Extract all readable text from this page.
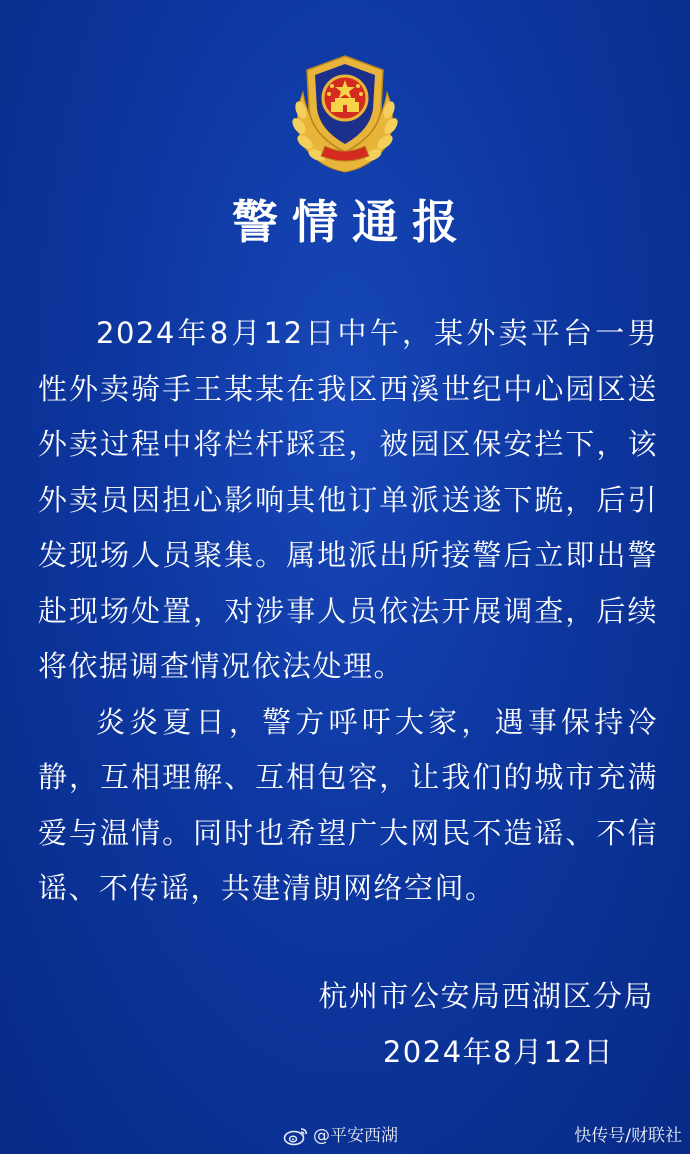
警情通报

2024年8月12日中午，某外卖平台一男性外卖骑手王某某在我区西溪世纪中心园区送外卖过程中将栏杆踩歪，被园区保安拦下，该外卖员因担心影响其他订单派送遂下跪，后引发现场人员聚集。属地派出所接警后立即出警赴现场处置，对涉事人员依法开展调查，后续将依据调查情况依法处理。

炎炎夏日，警方呼吁大家，遇事保持冷静，互相理解、互相包容，让我们的城市充满爱与温情。同时也希望广大网民不造谣、不信谣、不传谣，共建清朗网络空间。

杭州市公安局西湖区分局
2024年8月12日
@平安西湖	快传号/财联社
